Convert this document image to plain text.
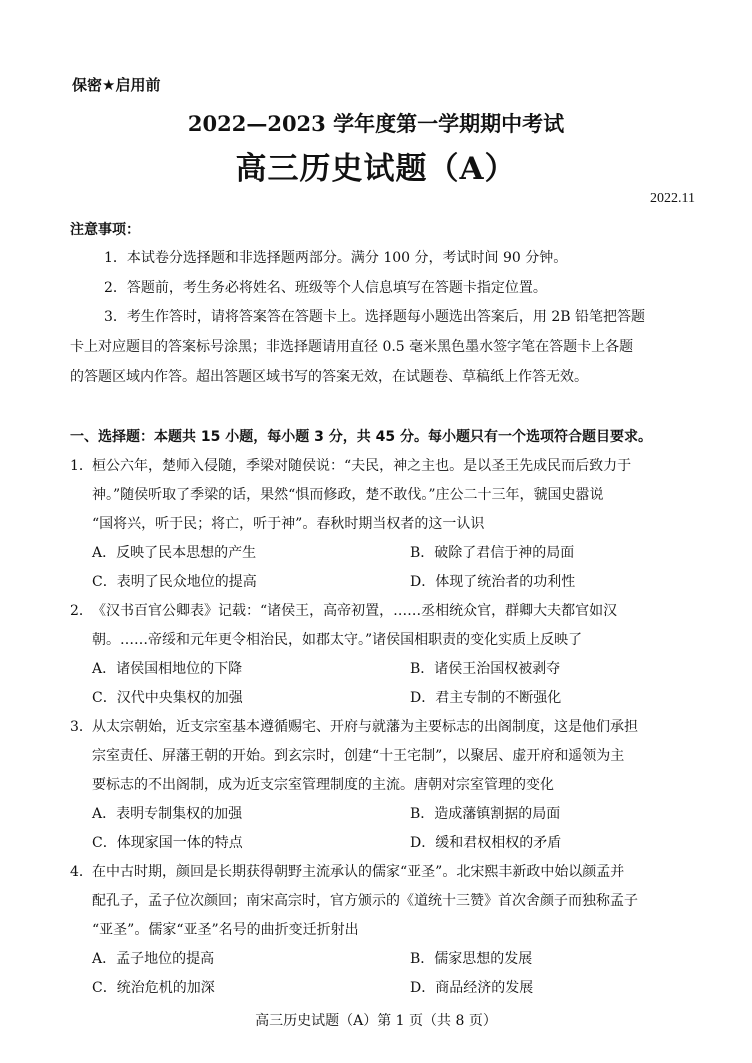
保密★启用前
2022—2023 学年度第一学期期中考试
高三历史试题（A）
2022.11
注意事项：
1．本试卷分选择题和非选择题两部分。满分 100 分，考试时间 90 分钟。
2．答题前，考生务必将姓名、班级等个人信息填写在答题卡指定位置。
3．考生作答时，请将答案答在答题卡上。选择题每小题选出答案后，用 2B 铅笔把答题
卡上对应题目的答案标号涂黑；非选择题请用直径 0.5 毫米黑色墨水签字笔在答题卡上各题
的答题区域内作答。超出答题区域书写的答案无效，在试题卷、草稿纸上作答无效。
一、选择题：本题共 15 小题，每小题 3 分，共 45 分。每小题只有一个选项符合题目要求。
1． 桓公六年，楚师入侵随，季梁对随侯说：“夫民，神之主也。是以圣王先成民而后致力于
神。”随侯听取了季梁的话，果然“惧而修政，楚不敢伐。”庄公二十三年，虢国史嚣说
“国将兴，听于民；将亡，听于神”。春秋时期当权者的这一认识
A．反映了民本思想的产生	B．破除了君信于神的局面
C．表明了民众地位的提高	D．体现了统治者的功利性
2． 《汉书百官公卿表》记载：“诸侯王，高帝初置，……丞相统众官，群卿大夫都官如汉
朝。……帝绥和元年更令相治民，如郡太守。”诸侯国相职责的变化实质上反映了
A．诸侯国相地位的下降	B．诸侯王治国权被剥夺
C．汉代中央集权的加强	D．君主专制的不断强化
3． 从太宗朝始，近支宗室基本遵循赐宅、开府与就藩为主要标志的出阁制度，这是他们承担
宗室责任、屏藩王朝的开始。到玄宗时，创建“十王宅制”，以聚居、虚开府和遥领为主
要标志的不出阁制，成为近支宗室管理制度的主流。唐朝对宗室管理的变化
A．表明专制集权的加强	B．造成藩镇割据的局面
C．体现家国一体的特点	D．缓和君权相权的矛盾
4． 在中古时期，颜回是长期获得朝野主流承认的儒家“亚圣”。北宋熙丰新政中始以颜孟并
配孔子，孟子位次颜回；南宋高宗时，官方颁示的《道统十三赞》首次舍颜子而独称孟子
“亚圣”。儒家“亚圣”名号的曲折变迁折射出
A．孟子地位的提高	B．儒家思想的发展
C．统治危机的加深	D．商品经济的发展
高三历史试题（A）第 1 页（共 8 页）
